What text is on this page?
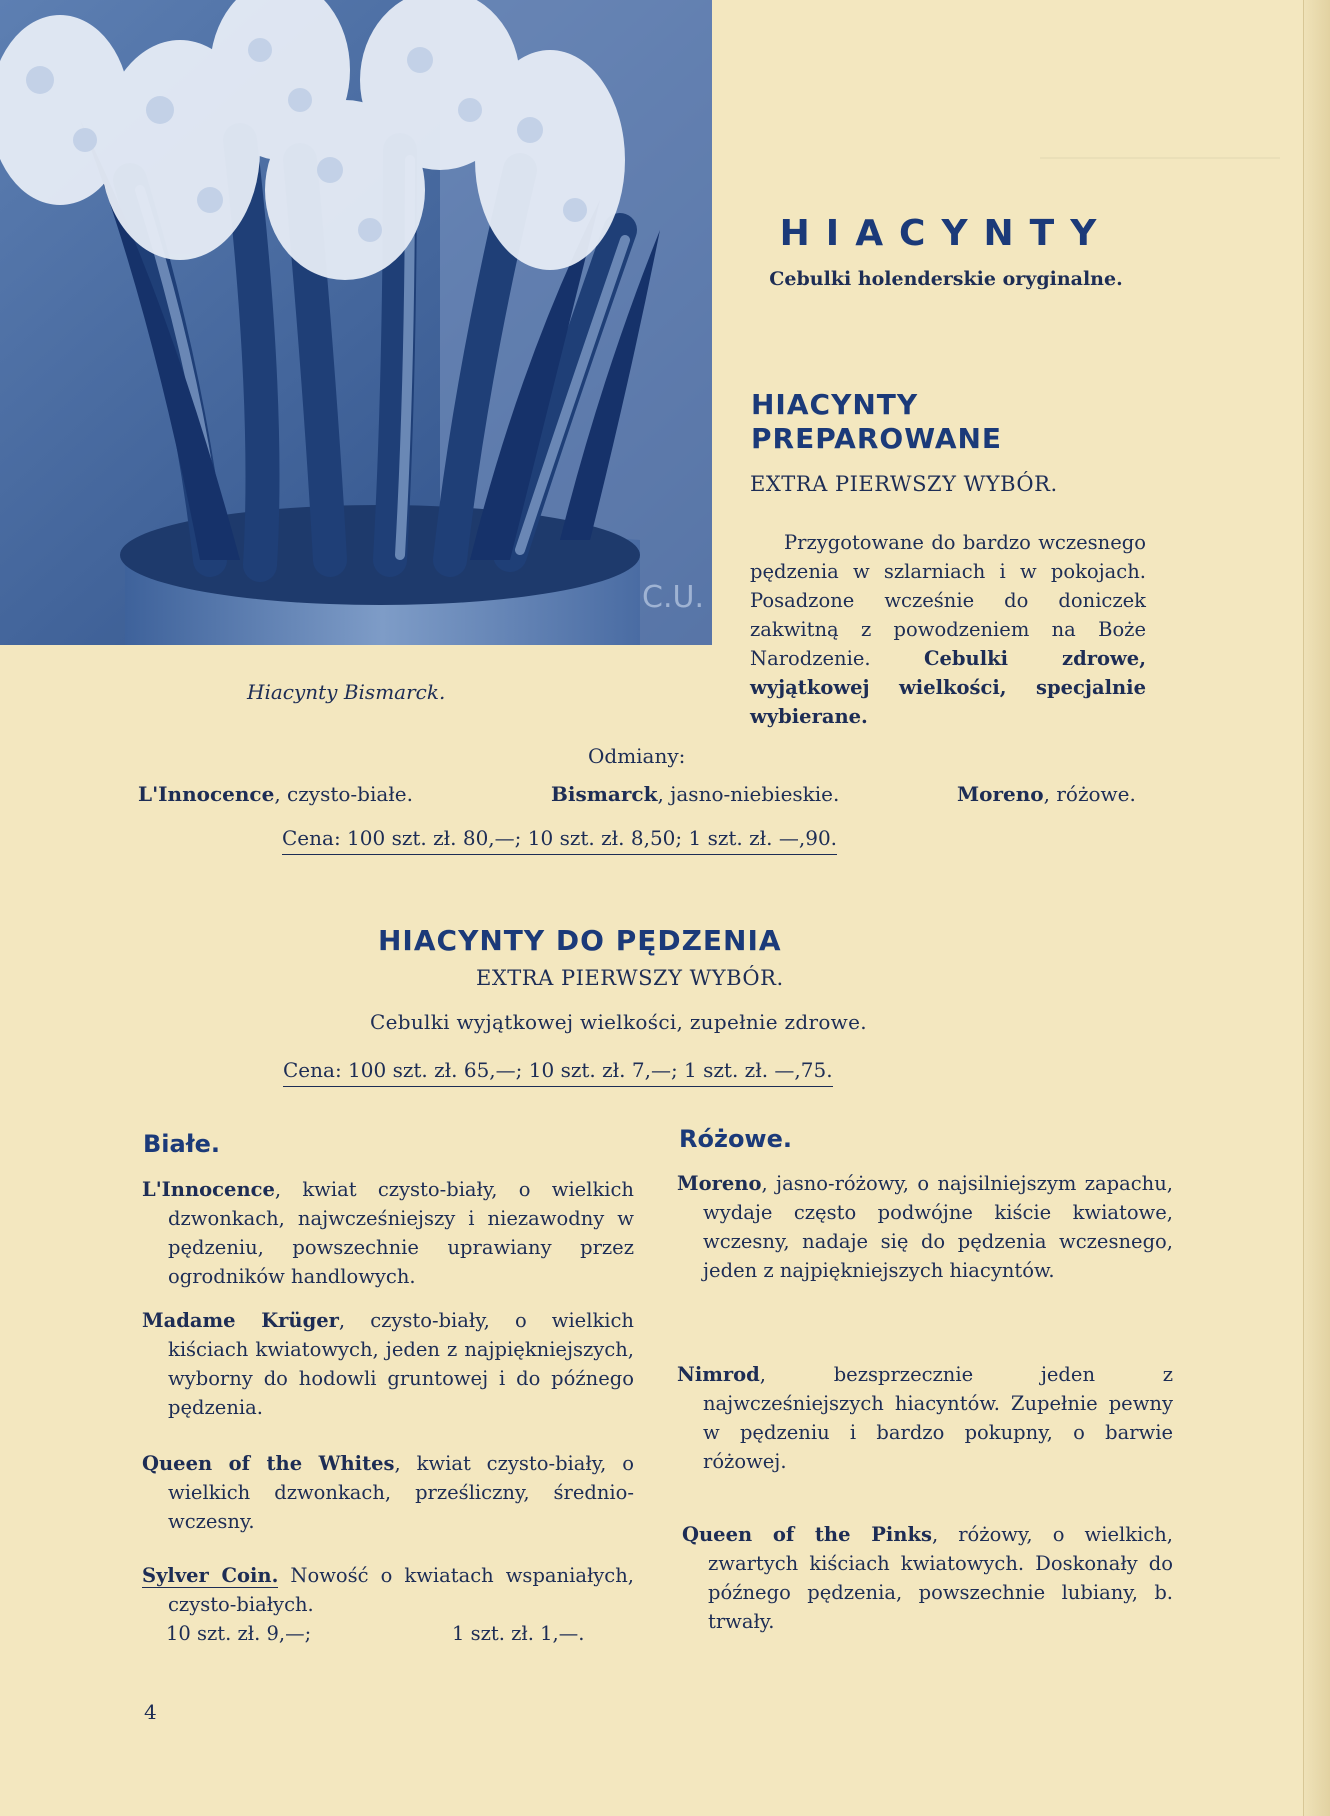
C.U.
Hiacynty Bismarck.
HIACYNTY
Cebulki holenderskie oryginalne.
HIACYNTY
PREPAROWANE
EXTRA PIERWSZY WYBÓR.
Przygotowane do bardzo wczesnego pędzenia w szlarniach i w pokojach. Posadzone wcześnie do doniczek zakwitną z powodzeniem na Boże Narodzenie. Cebulki zdrowe, wyjątkowej wielkości, specjalnie wybierane.
Odmiany:
L'Innocence, czysto-białe.	Bismarck, jasno-niebieskie.	Moreno, różowe.
Cena: 100 szt. zł. 80,—; 10 szt. zł. 8,50; 1 szt. zł. —,90.
HIACYNTY DO PĘDZENIA
EXTRA PIERWSZY WYBÓR.
Cebulki wyjątkowej wielkości, zupełnie zdrowe.
Cena: 100 szt. zł. 65,—; 10 szt. zł. 7,—; 1 szt. zł. —,75.
Białe.	Różowe.
L'Innocence, kwiat czysto-biały, o wielkich dzwonkach, najwcześniejszy i niezawodny w pędzeniu, powszechnie uprawiany przez ogrodników handlowych.
Madame Krüger, czysto-biały, o wielkich kiściach kwiatowych, jeden z najpiękniejszych, wyborny do hodowli gruntowej i do późnego pędzenia.
Queen of the Whites, kwiat czysto-biały, o wielkich dzwonkach, prześliczny, średnio-wczesny.
Sylver Coin. Nowość o kwiatach wspaniałych, czysto-białych.
10 szt. zł. 9,—;	1 szt. zł. 1,—.
Moreno, jasno-różowy, o najsilniejszym zapachu, wydaje często podwójne kiście kwiatowe, wczesny, nadaje się do pędzenia wczesnego, jeden z najpiękniejszych hiacyntów.
Nimrod, bezsprzecznie jeden z najwcześniejszych hiacyntów. Zupełnie pewny w pędzeniu i bardzo pokupny, o barwie różowej.
Queen of the Pinks, różowy, o wielkich, zwartych kiściach kwiatowych. Doskonały do późnego pędzenia, powszechnie lubiany, b. trwały.
4
